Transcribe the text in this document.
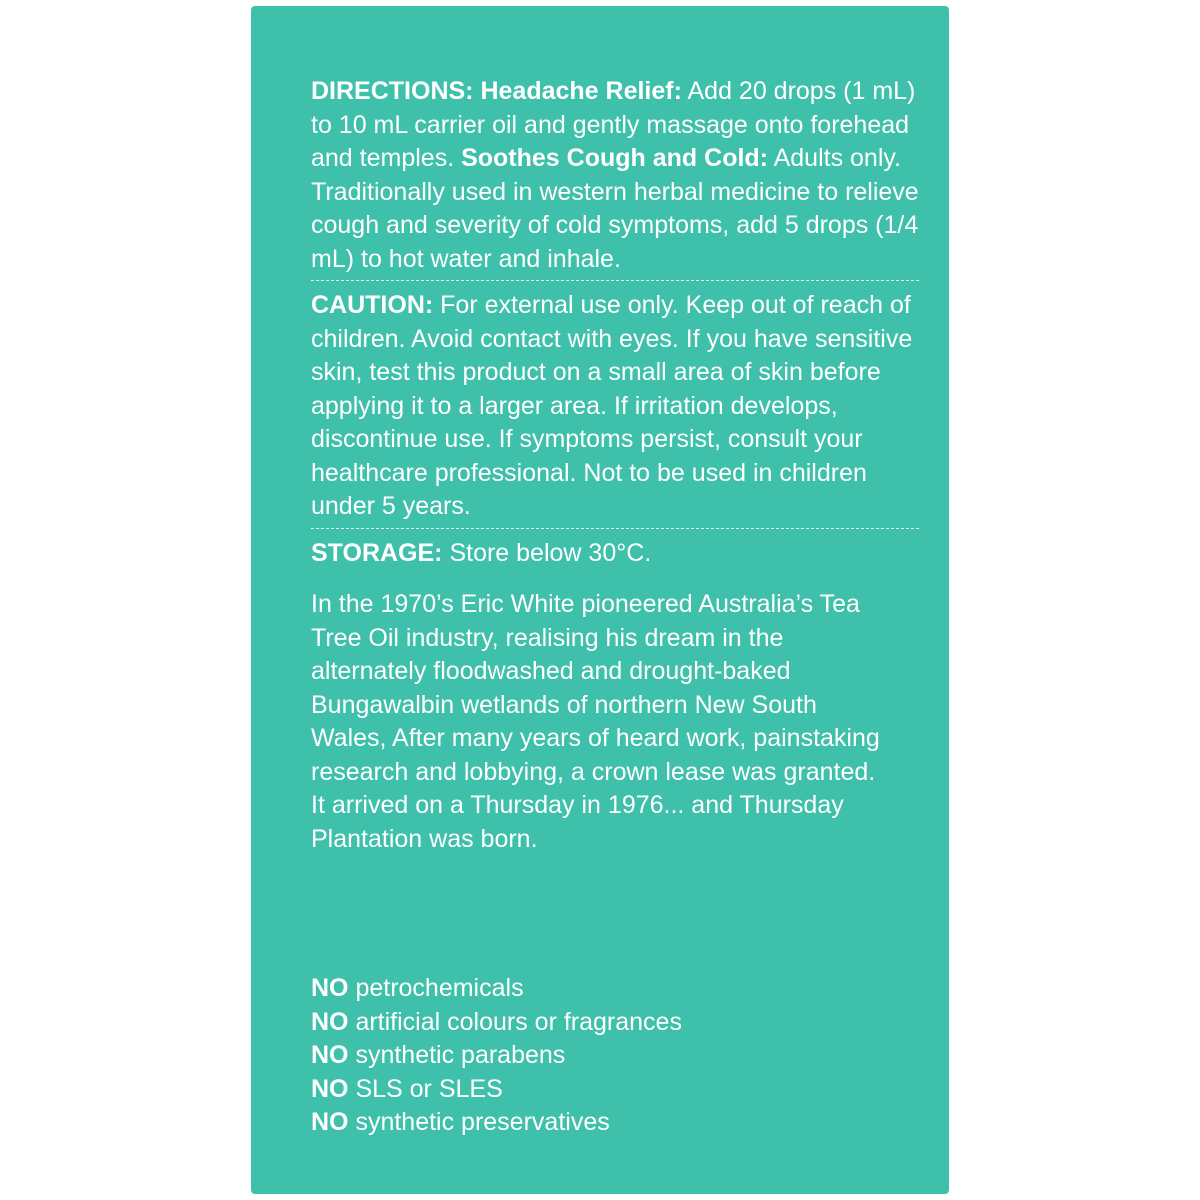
DIRECTIONS: Headache Relief: Add 20 drops (1 mL) to 10 mL carrier oil and gently massage onto forehead and temples. Soothes Cough and Cold: Adults only. Traditionally used in western herbal medicine to relieve cough and severity of cold symptoms, add 5 drops (1/4 mL) to hot water and inhale.
CAUTION: For external use only. Keep out of reach of children. Avoid contact with eyes. If you have sensitive skin, test this product on a small area of skin before applying it to a larger area. If irritation develops, discontinue use. If symptoms persist, consult your healthcare professional. Not to be used in children under 5 years.
STORAGE: Store below 30°C.
In the 1970’s Eric White pioneered Australia’s Tea Tree Oil industry, realising his dream in the alternately floodwashed and drought-baked Bungawalbin wetlands of northern New South Wales, After many years of heard work, painstaking research and lobbying, a crown lease was granted. It arrived on a Thursday in 1976... and Thursday Plantation was born.
NO petrochemicals
NO artificial colours or fragrances
NO synthetic parabens
NO SLS or SLES
NO synthetic preservatives
